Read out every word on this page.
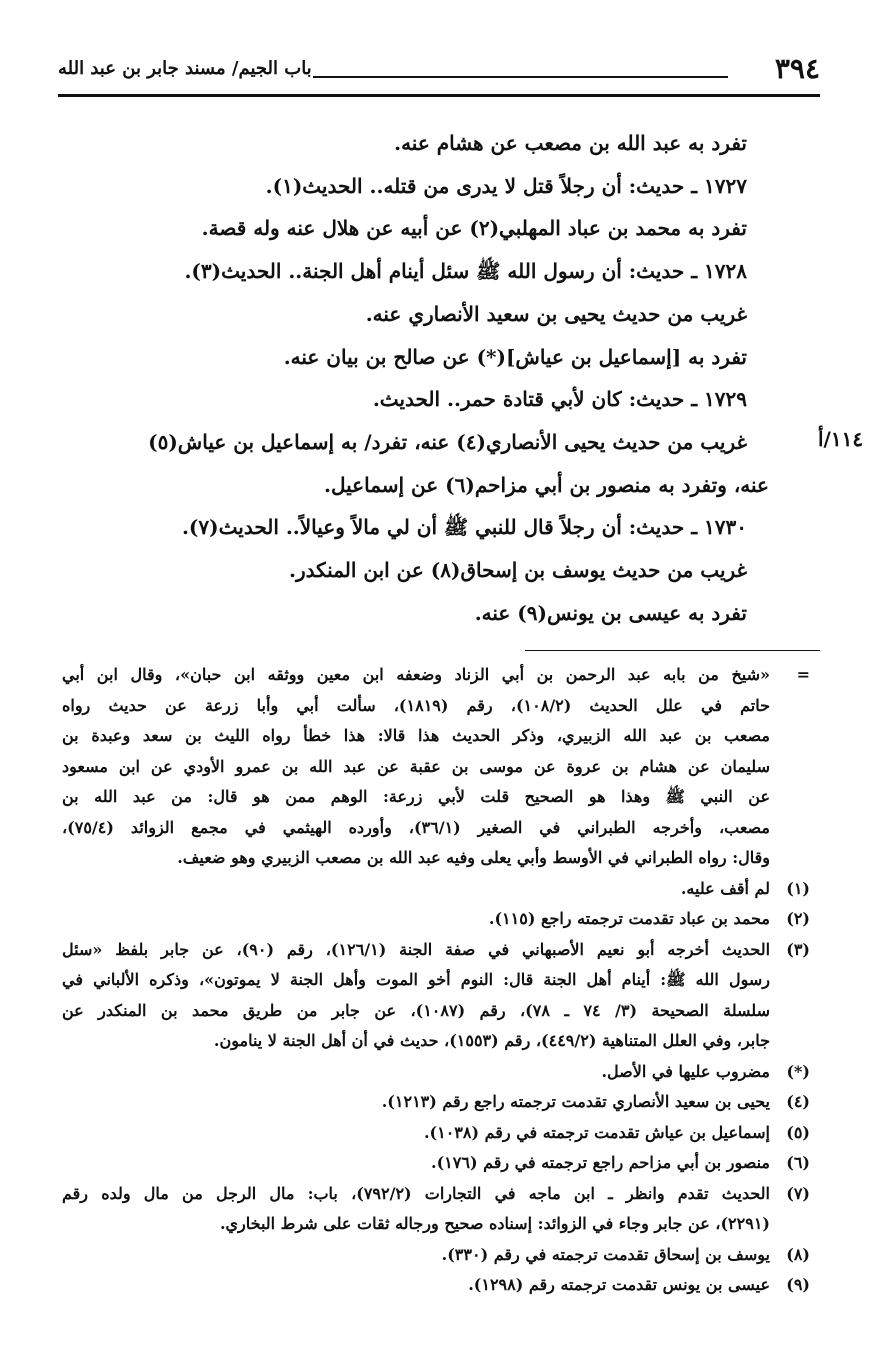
٣٩٤
باب الجيم/ مسند جابر بن عبد الله
١١٤/أ

تفرد به عبد الله بن مصعب عن هشام عنه.

١٧٢٧ ـ حديث: أن رجلاً قتل لا يدرى من قتله.. الحديث(١).

تفرد به محمد بن عباد المهلبي(٢) عن أبيه عن هلال عنه وله قصة.

١٧٢٨ ـ حديث: أن رسول الله ﷺ سئل أينام أهل الجنة.. الحديث(٣).

غريب من حديث يحيى بن سعيد الأنصاري عنه.

تفرد به [إسماعيل بن عياش](*) عن صالح بن بيان عنه.

١٧٢٩ ـ حديث: كان لأبي قتادة حمر.. الحديث.

غريب من حديث يحيى الأنصاري(٤) عنه، تفرد/ به إسماعيل بن عياش(٥)

عنه، وتفرد به منصور بن أبي مزاحم(٦) عن إسماعيل.

١٧٣٠ ـ حديث: أن رجلاً قال للنبي ﷺ أن لي مالاً وعيالاً.. الحديث(٧).

غريب من حديث يوسف بن إسحاق(٨) عن ابن المنكدر.

تفرد به عيسى بن يونس(٩) عنه.

=
«شيخ من بابه عبد الرحمن بن أبي الزناد وضعفه ابن معين ووثقه ابن حبان»، وقال ابن أبي
حاتم في علل الحديث (١٠٨/٢)، رقم (١٨١٩)، سألت أبي وأبا زرعة عن حديث رواه
مصعب بن عبد الله الزبيري، وذكر الحديث هذا قالا: هذا خطأ رواه الليث بن سعد وعبدة بن
سليمان عن هشام بن عروة عن موسى بن عقبة عن عبد الله بن عمرو الأودي عن ابن مسعود
عن النبي ﷺ وهذا هو الصحيح قلت لأبي زرعة: الوهم ممن هو قال: من عبد الله بن
مصعب، وأخرجه الطبراني في الصغير (٣٦/١)، وأورده الهيثمي في مجمع الزوائد (٧٥/٤)،
وقال: رواه الطبراني في الأوسط وأبي يعلى وفيه عبد الله بن مصعب الزبيري وهو ضعيف.
(١)
لم أقف عليه.
(٢)
محمد بن عباد تقدمت ترجمته راجع (١١٥).
(٣)
الحديث أخرجه أبو نعيم الأصبهاني في صفة الجنة (١٢٦/١)، رقم (٩٠)، عن جابر بلفظ «سئل
رسول الله ﷺ: أينام أهل الجنة قال: النوم أخو الموت وأهل الجنة لا يموتون»، وذكره الألباني في
سلسلة الصحيحة (٣/ ٧٤ ـ ٧٨)، رقم (١٠٨٧)، عن جابر من طريق محمد بن المنكدر عن
جابر، وفي العلل المتناهية (٤٤٩/٢)، رقم (١٥٥٣)، حديث في أن أهل الجنة لا ينامون.
(*)
مضروب عليها في الأصل.
(٤)
يحيى بن سعيد الأنصاري تقدمت ترجمته راجع رقم (١٢١٣).
(٥)
إسماعيل بن عياش تقدمت ترجمته في رقم (١٠٣٨).
(٦)
منصور بن أبي مزاحم راجع ترجمته في رقم (١٧٦).
(٧)
الحديث تقدم وانظر ـ ابن ماجه في التجارات (٧٩٢/٢)، باب: مال الرجل من مال ولده رقم
(٢٢٩١)، عن جابر وجاء في الزوائد: إسناده صحيح ورجاله ثقات على شرط البخاري.
(٨)
يوسف بن إسحاق تقدمت ترجمته في رقم (٣٣٠).
(٩)
عيسى بن يونس تقدمت ترجمته رقم (١٢٩٨).
